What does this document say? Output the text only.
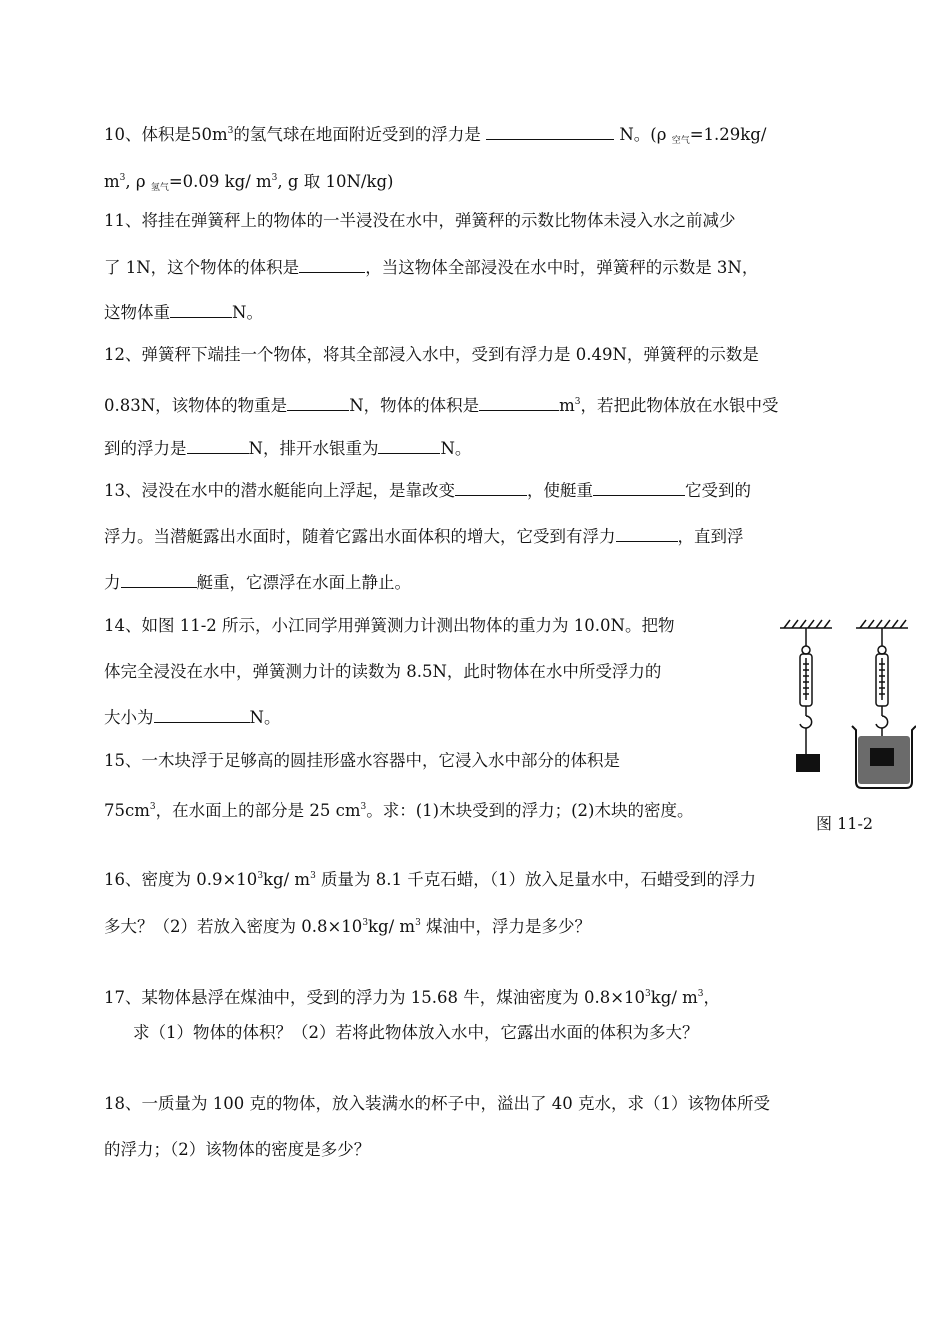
10、体积是$50m^3$的氢气球在地面附近受到的浮力是	N。(ρ $_{空气}$=1.29kg/
$m^3$, ρ $_{氢气}$=0.09 kg/ $m^3$, g 取 10N/kg)
11、将挂在弹簧秤上的物体的一半浸没在水中，弹簧秤的示数比物体未浸入水之前减少
了 1N，这个物体的体积是	，当这物体全部浸没在水中时，弹簧秤的示数是 3N，
这物体重	N。
12、弹簧秤下端挂一个物体，将其全部浸入水中，受到有浮力是 0.49N，弹簧秤的示数是
0.83N，该物体的物重是	N，物体的体积是	$m^3$，若把此物体放在水银中受
到的浮力是	N，排开水银重为	N。
13、浸没在水中的潜水艇能向上浮起，是靠改变	，使艇重	它受到的
浮力。当潜艇露出水面时，随着它露出水面体积的增大，它受到有浮力	，直到浮
力	艇重，它漂浮在水面上静止。
14、如图 11-2 所示，小江同学用弹簧测力计测出物体的重力为 10.0N。把物
体完全浸没在水中，弹簧测力计的读数为 8.5N，此时物体在水中所受浮力的
大小为	N。
15、一木块浮于足够高的圆挂形盛水容器中，它浸入水中部分的体积是
$75cm^3$，在水面上的部分是 25 $cm^3$。求：(1)木块受到的浮力；(2)木块的密度。
图 11-2
16、密度为 $0.9\times 10^3kg/$ $m^3$ 质量为 8.1 千克石蜡，（1）放入足量水中，石蜡受到的浮力
多大？（2）若放入密度为 $0.8\times 10^3kg/$ $m^3$ 煤油中，浮力是多少？
17、某物体悬浮在煤油中，受到的浮力为 15.68 牛，煤油密度为 $0.8\times 10^3kg/$ $m^3$，
求（1）物体的体积？（2）若将此物体放入水中，它露出水面的体积为多大？
18、一质量为 100 克的物体，放入装满水的杯子中，溢出了 40 克水，求（1）该物体所受
的浮力；（2）该物体的密度是多少？
